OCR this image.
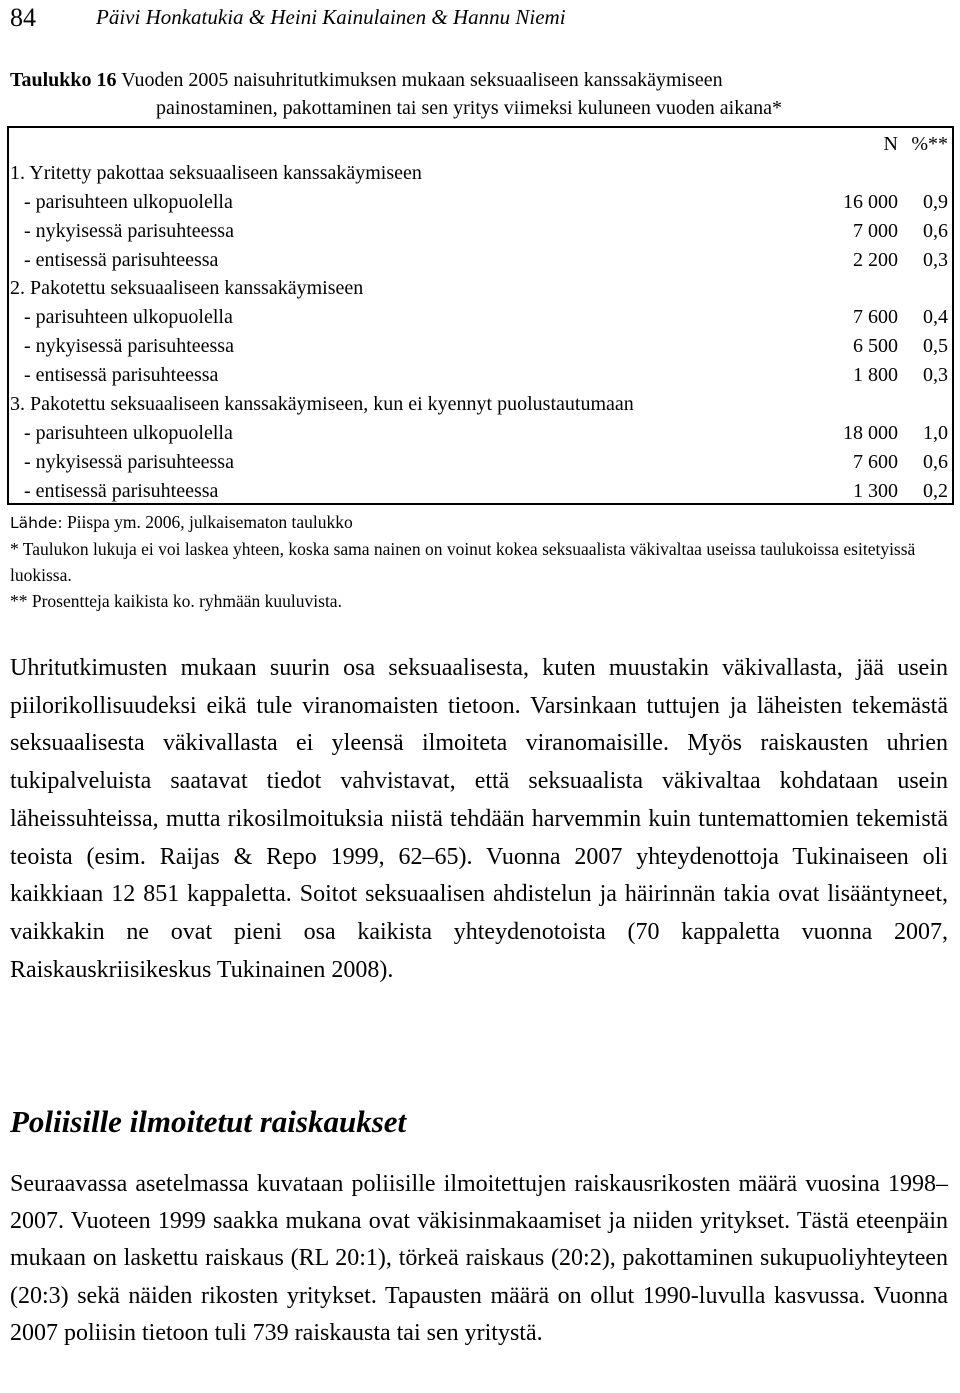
84	Päivi Honkatukia & Heini Kainulainen & Hannu Niemi
Taulukko 16 Vuoden 2005 naisuhritutkimuksen mukaan seksuaaliseen kanssakäymiseen
painostaminen, pakottaminen tai sen yritys viimeksi kuluneen vuoden aikana*
N %**
1. Yritetty pakottaa seksuaaliseen kanssakäymiseen
- parisuhteen ulkopuolella	16 000 0,9
- nykyisessä parisuhteessa	7 000 0,6
- entisessä parisuhteessa	2 200 0,3
2. Pakotettu seksuaaliseen kanssakäymiseen
- parisuhteen ulkopuolella	7 600 0,4
- nykyisessä parisuhteessa	6 500 0,5
- entisessä parisuhteessa	1 800 0,3
3. Pakotettu seksuaaliseen kanssakäymiseen, kun ei kyennyt puolustautumaan
- parisuhteen ulkopuolella	18 000 1,0
- nykyisessä parisuhteessa	7 600 0,6
- entisessä parisuhteessa	1 300 0,2

Lähde: Piispa ym. 2006, julkaisematon taulukko

* Taulukon lukuja ei voi laskea yhteen, koska sama nainen on voinut kokea seksuaalista väkivaltaa useissa taulukoissa esitetyissä luokissa.

** Prosentteja kaikista ko. ryhmään kuuluvista.

Uhritutkimusten mukaan suurin osa seksuaalisesta, kuten muustakin väkivallasta, jää usein piilorikollisuudeksi eikä tule viranomaisten tietoon. Varsinkaan tuttujen ja läheisten tekemästä seksuaalisesta väkivallasta ei yleensä ilmoiteta viranomaisille. Myös raiskausten uhrien tukipalveluista saatavat tiedot vahvistavat, että seksuaalista väkivaltaa kohdataan usein läheissuhteissa, mutta rikosilmoituksia niistä tehdään harvemmin kuin tuntemattomien tekemistä teoista (esim. Raijas & Repo 1999, 62–65). Vuonna 2007 yhteydenottoja Tukinaiseen oli kaikkiaan 12 851 kappaletta. Soitot seksuaalisen ahdistelun ja häirinnän takia ovat lisääntyneet, vaikkakin ne ovat pieni osa kaikista yhteydenotoista (70 kappaletta vuonna 2007, Raiskauskriisikeskus Tukinainen 2008).

Poliisille ilmoitetut raiskaukset

Seuraavassa asetelmassa kuvataan poliisille ilmoitettujen raiskausrikosten määrä vuosina 1998–2007. Vuoteen 1999 saakka mukana ovat väkisinmakaamiset ja niiden yritykset. Tästä eteenpäin mukaan on laskettu raiskaus (RL 20:1), törkeä raiskaus (20:2), pakottaminen sukupuoliyhteyteen (20:3) sekä näiden rikosten yritykset. Tapausten määrä on ollut 1990-luvulla kasvussa. Vuonna 2007 poliisin tietoon tuli 739 raiskausta tai sen yritystä.
